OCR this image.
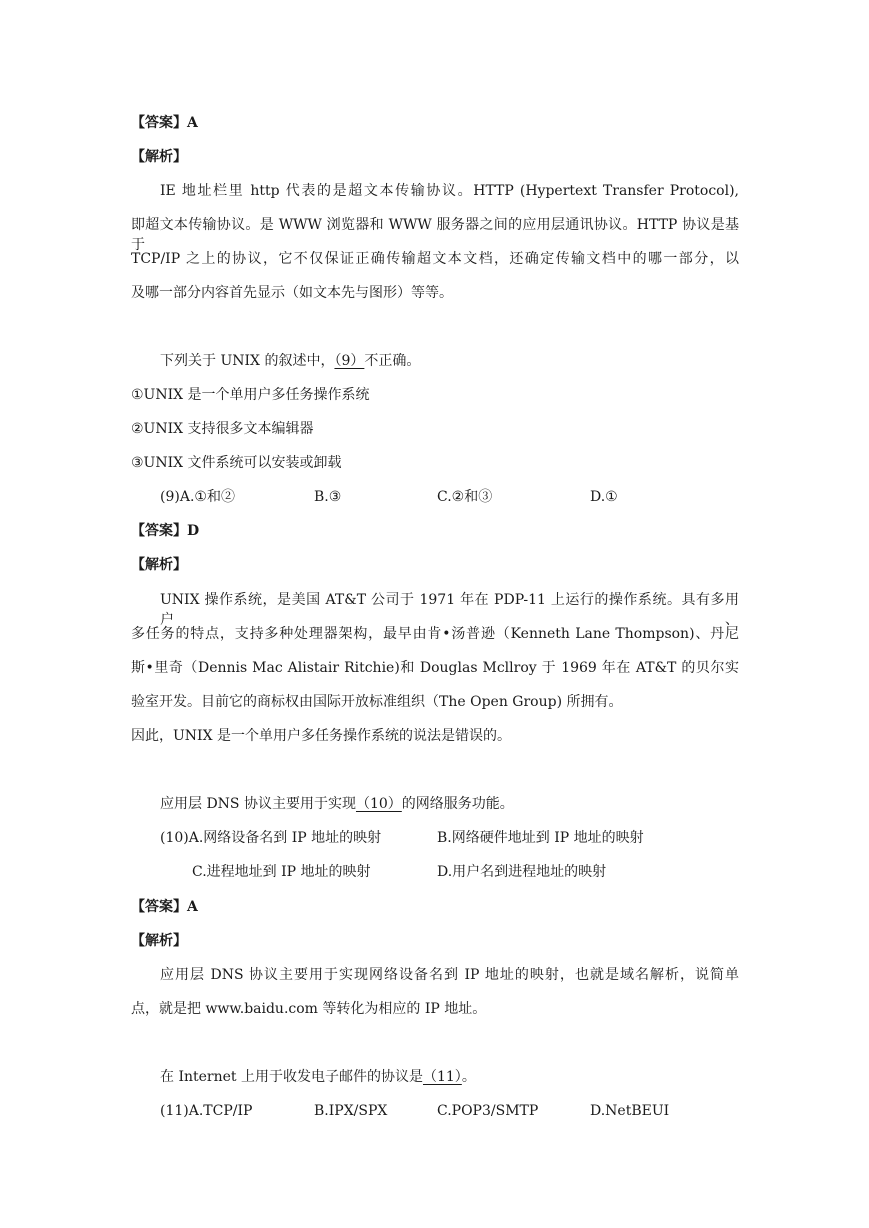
【答案】A
【解析】
IE 地址栏里 http 代表的是超文本传输协议。HTTP (Hypertext Transfer Protocol),
即超文本传输协议。是 WWW 浏览器和 WWW 服务器之间的应用层通讯协议。HTTP 协议是基于
TCP/IP 之上的协议，它不仅保证正确传输超文本文档，还确定传输文档中的哪一部分，以
及哪一部分内容首先显示（如文本先与图形）等等。
下列关于 UNIX 的叙述中，（9）不正确。
①UNIX 是一个单用户多任务操作系统
②UNIX 支持很多文本编辑器
③UNIX 文件系统可以安装或卸载
(9)A.①和②	B.③	C.②和③	D.①
【答案】D
【解析】
UNIX 操作系统，是美国 AT&T 公司于 1971 年在 PDP-11 上运行的操作系统。具有多用户、
多任务的特点，支持多种处理器架构，最早由肯•汤普逊（Kenneth Lane Thompson)、丹尼
斯•里奇（Dennis Mac Alistair Ritchie)和 Douglas Mcllroy 于 1969 年在 AT&T 的贝尔实
验室开发。目前它的商标权由国际开放标准组织（The Open Group) 所拥有。
因此，UNIX 是一个单用户多任务操作系统的说法是错误的。
应用层 DNS 协议主要用于实现（10）的网络服务功能。
(10)A.网络设备名到 IP 地址的映射	B.网络硬件地址到 IP 地址的映射
C.进程地址到 IP 地址的映射	D.用户名到进程地址的映射
【答案】A
【解析】
应用层 DNS 协议主要用于实现网络设备名到 IP 地址的映射，也就是域名解析，说简单
点，就是把 www.baidu.com 等转化为相应的 IP 地址。
在 Internet 上用于收发电子邮件的协议是（11）。
(11)A.TCP/IP	B.IPX/SPX	C.POP3/SMTP	D.NetBEUI
